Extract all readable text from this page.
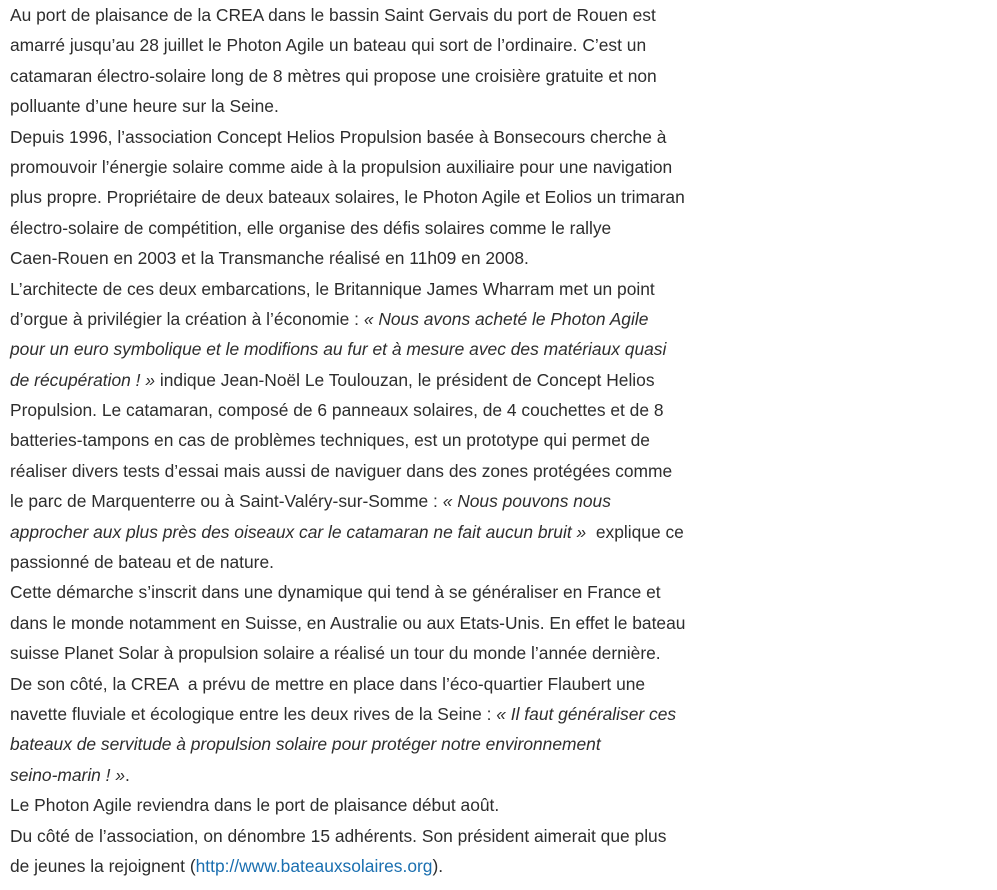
Au port de plaisance de la CREA dans le bassin Saint Gervais du port de Rouen est
amarré jusqu’au 28 juillet le Photon Agile un bateau qui sort de l’ordinaire. C’est un
catamaran électro-solaire long de 8 mètres qui propose une croisière gratuite et non
polluante d’une heure sur la Seine.
Depuis 1996, l’association Concept Helios Propulsion basée à Bonsecours cherche à
promouvoir l’énergie solaire comme aide à la propulsion auxiliaire pour une navigation
plus propre. Propriétaire de deux bateaux solaires, le Photon Agile et Eolios un trimaran
électro-solaire de compétition, elle organise des défis solaires comme le rallye
Caen-Rouen en 2003 et la Transmanche réalisé en 11h09 en 2008.
L’architecte de ces deux embarcations, le Britannique James Wharram met un point
d’orgue à privilégier la création à l’économie : « Nous avons acheté le Photon Agile
pour un euro symbolique et le modifions au fur et à mesure avec des matériaux quasi
de récupération ! » indique Jean-Noël Le Toulouzan, le président de Concept Helios
Propulsion. Le catamaran, composé de 6 panneaux solaires, de 4 couchettes et de 8
batteries-tampons en cas de problèmes techniques, est un prototype qui permet de
réaliser divers tests d’essai mais aussi de naviguer dans des zones protégées comme
le parc de Marquenterre ou à Saint-Valéry-sur-Somme : « Nous pouvons nous
approcher aux plus près des oiseaux car le catamaran ne fait aucun bruit »  explique ce
passionné de bateau et de nature.
Cette démarche s’inscrit dans une dynamique qui tend à se généraliser en France et
dans le monde notamment en Suisse, en Australie ou aux Etats-Unis. En effet le bateau
suisse Planet Solar à propulsion solaire a réalisé un tour du monde l’année dernière.
De son côté, la CREA  a prévu de mettre en place dans l’éco-quartier Flaubert une
navette fluviale et écologique entre les deux rives de la Seine : « Il faut généraliser ces
bateaux de servitude à propulsion solaire pour protéger notre environnement
seino-marin ! ».
Le Photon Agile reviendra dans le port de plaisance début août.
Du côté de l’association, on dénombre 15 adhérents. Son président aimerait que plus
de jeunes la rejoignent (http://www.bateauxsolaires.org).
